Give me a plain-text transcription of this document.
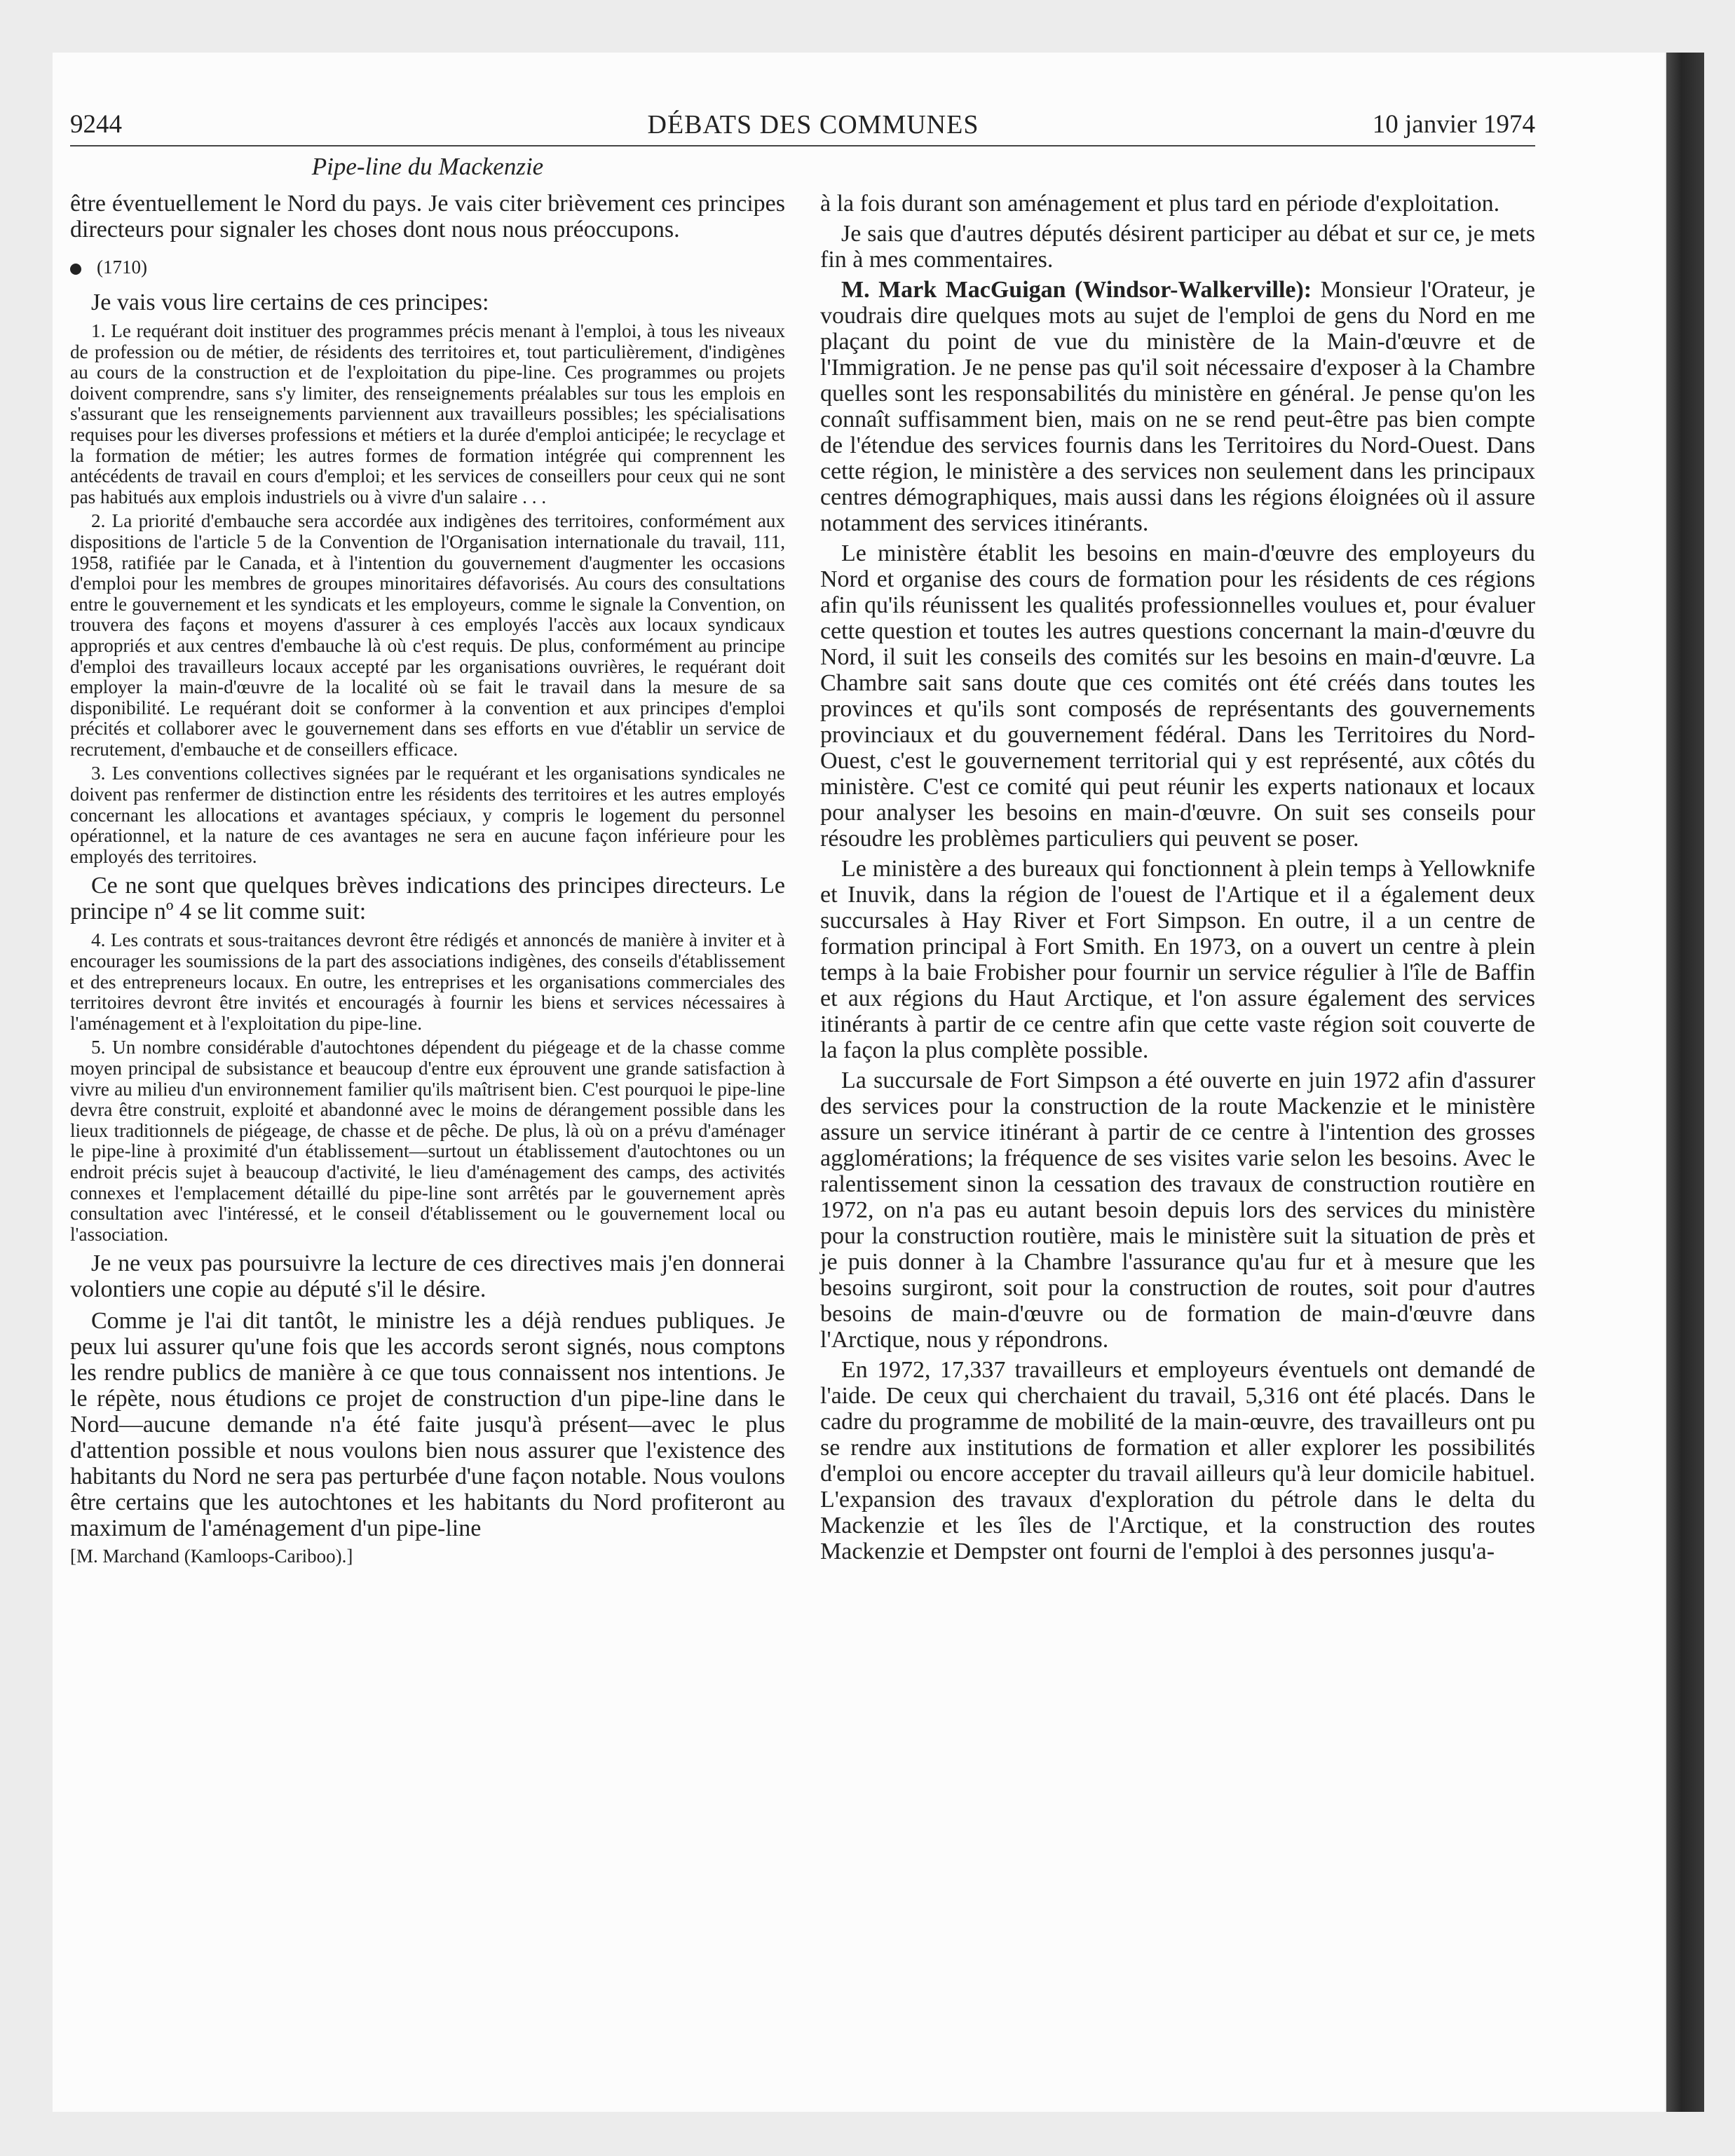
9244	DÉBATS DES COMMUNES	10 janvier 1974
Pipe-line du Mackenzie

être éventuellement le Nord du pays. Je vais citer brièvement ces principes directeurs pour signaler les choses dont nous nous préoccupons.

(1710)

Je vais vous lire certains de ces principes:

1. Le requérant doit instituer des programmes précis menant à l'emploi, à tous les niveaux de profession ou de métier, de résidents des territoires et, tout particulièrement, d'indigènes au cours de la construction et de l'exploitation du pipe-line. Ces programmes ou projets doivent comprendre, sans s'y limiter, des renseignements préalables sur tous les emplois en s'assurant que les renseignements parviennent aux travailleurs possibles; les spécialisations requises pour les diverses professions et métiers et la durée d'emploi anticipée; le recyclage et la formation de métier; les autres formes de formation intégrée qui comprennent les antécédents de travail en cours d'emploi; et les services de conseillers pour ceux qui ne sont pas habitués aux emplois industriels ou à vivre d'un salaire . . .

2. La priorité d'embauche sera accordée aux indigènes des territoires, conformément aux dispositions de l'article 5 de la Convention de l'Organisation internationale du travail, 111, 1958, ratifiée par le Canada, et à l'intention du gouvernement d'augmenter les occasions d'emploi pour les membres de groupes minoritaires défavorisés. Au cours des consultations entre le gouvernement et les syndicats et les employeurs, comme le signale la Convention, on trouvera des façons et moyens d'assurer à ces employés l'accès aux locaux syndicaux appropriés et aux centres d'embauche là où c'est requis. De plus, conformément au principe d'emploi des travailleurs locaux accepté par les organisations ouvrières, le requérant doit employer la main-d'œuvre de la localité où se fait le travail dans la mesure de sa disponibilité. Le requérant doit se conformer à la convention et aux principes d'emploi précités et collaborer avec le gouvernement dans ses efforts en vue d'établir un service de recrutement, d'embauche et de conseillers efficace.

3. Les conventions collectives signées par le requérant et les organisations syndicales ne doivent pas renfermer de distinction entre les résidents des territoires et les autres employés concernant les allocations et avantages spéciaux, y compris le logement du personnel opérationnel, et la nature de ces avantages ne sera en aucune façon inférieure pour les employés des territoires.

Ce ne sont que quelques brèves indications des principes directeurs. Le principe nº 4 se lit comme suit:

4. Les contrats et sous-traitances devront être rédigés et annoncés de manière à inviter et à encourager les soumissions de la part des associations indigènes, des conseils d'établissement et des entrepreneurs locaux. En outre, les entreprises et les organisations commerciales des territoires devront être invités et encouragés à fournir les biens et services nécessaires à l'aménagement et à l'exploitation du pipe-line.

5. Un nombre considérable d'autochtones dépendent du piégeage et de la chasse comme moyen principal de subsistance et beaucoup d'entre eux éprouvent une grande satisfaction à vivre au milieu d'un environnement familier qu'ils maîtrisent bien. C'est pourquoi le pipe-line devra être construit, exploité et abandonné avec le moins de dérangement possible dans les lieux traditionnels de piégeage, de chasse et de pêche. De plus, là où on a prévu d'aménager le pipe-line à proximité d'un établissement—surtout un établissement d'autochtones ou un endroit précis sujet à beaucoup d'activité, le lieu d'aménagement des camps, des activités connexes et l'emplacement détaillé du pipe-line sont arrêtés par le gouvernement après consultation avec l'intéressé, et le conseil d'établissement ou le gouvernement local ou l'association.

Je ne veux pas poursuivre la lecture de ces directives mais j'en donnerai volontiers une copie au député s'il le désire.

Comme je l'ai dit tantôt, le ministre les a déjà rendues publiques. Je peux lui assurer qu'une fois que les accords seront signés, nous comptons les rendre publics de manière à ce que tous connaissent nos intentions. Je le répète, nous étudions ce projet de construction d'un pipe-line dans le Nord—aucune demande n'a été faite jusqu'à présent—avec le plus d'attention possible et nous voulons bien nous assurer que l'existence des habitants du Nord ne sera pas perturbée d'une façon notable. Nous voulons être certains que les autochtones et les habitants du Nord profiteront au maximum de l'aménagement d'un pipe-line

[M. Marchand (Kamloops-Cariboo).]

à la fois durant son aménagement et plus tard en période d'exploitation.

Je sais que d'autres députés désirent participer au débat et sur ce, je mets fin à mes commentaires.

M. Mark MacGuigan (Windsor-Walkerville): Monsieur l'Orateur, je voudrais dire quelques mots au sujet de l'emploi de gens du Nord en me plaçant du point de vue du ministère de la Main-d'œuvre et de l'Immigration. Je ne pense pas qu'il soit nécessaire d'exposer à la Chambre quelles sont les responsabilités du ministère en général. Je pense qu'on les connaît suffisamment bien, mais on ne se rend peut-être pas bien compte de l'étendue des services fournis dans les Territoires du Nord-Ouest. Dans cette région, le ministère a des services non seulement dans les principaux centres démographiques, mais aussi dans les régions éloignées où il assure notamment des services itinérants.

Le ministère établit les besoins en main-d'œuvre des employeurs du Nord et organise des cours de formation pour les résidents de ces régions afin qu'ils réunissent les qualités professionnelles voulues et, pour évaluer cette question et toutes les autres questions concernant la main-d'œuvre du Nord, il suit les conseils des comités sur les besoins en main-d'œuvre. La Chambre sait sans doute que ces comités ont été créés dans toutes les provinces et qu'ils sont composés de représentants des gouvernements provinciaux et du gouvernement fédéral. Dans les Territoires du Nord-Ouest, c'est le gouvernement territorial qui y est représenté, aux côtés du ministère. C'est ce comité qui peut réunir les experts nationaux et locaux pour analyser les besoins en main-d'œuvre. On suit ses conseils pour résoudre les problèmes particuliers qui peuvent se poser.

Le ministère a des bureaux qui fonctionnent à plein temps à Yellowknife et Inuvik, dans la région de l'ouest de l'Artique et il a également deux succursales à Hay River et Fort Simpson. En outre, il a un centre de formation principal à Fort Smith. En 1973, on a ouvert un centre à plein temps à la baie Frobisher pour fournir un service régulier à l'île de Baffin et aux régions du Haut Arctique, et l'on assure également des services itinérants à partir de ce centre afin que cette vaste région soit couverte de la façon la plus complète possible.

La succursale de Fort Simpson a été ouverte en juin 1972 afin d'assurer des services pour la construction de la route Mackenzie et le ministère assure un service itinérant à partir de ce centre à l'intention des grosses agglomérations; la fréquence de ses visites varie selon les besoins. Avec le ralentissement sinon la cessation des travaux de construction routière en 1972, on n'a pas eu autant besoin depuis lors des services du ministère pour la construction routière, mais le ministère suit la situation de près et je puis donner à la Chambre l'assurance qu'au fur et à mesure que les besoins surgiront, soit pour la construction de routes, soit pour d'autres besoins de main-d'œuvre ou de formation de main-d'œuvre dans l'Arctique, nous y répondrons.

En 1972, 17,337 travailleurs et employeurs éventuels ont demandé de l'aide. De ceux qui cherchaient du travail, 5,316 ont été placés. Dans le cadre du programme de mobilité de la main-œuvre, des travailleurs ont pu se rendre aux institutions de formation et aller explorer les possibilités d'emploi ou encore accepter du travail ailleurs qu'à leur domicile habituel. L'expansion des travaux d'exploration du pétrole dans le delta du Mackenzie et les îles de l'Arctique, et la construction des routes Mackenzie et Dempster ont fourni de l'emploi à des personnes jusqu'a-
